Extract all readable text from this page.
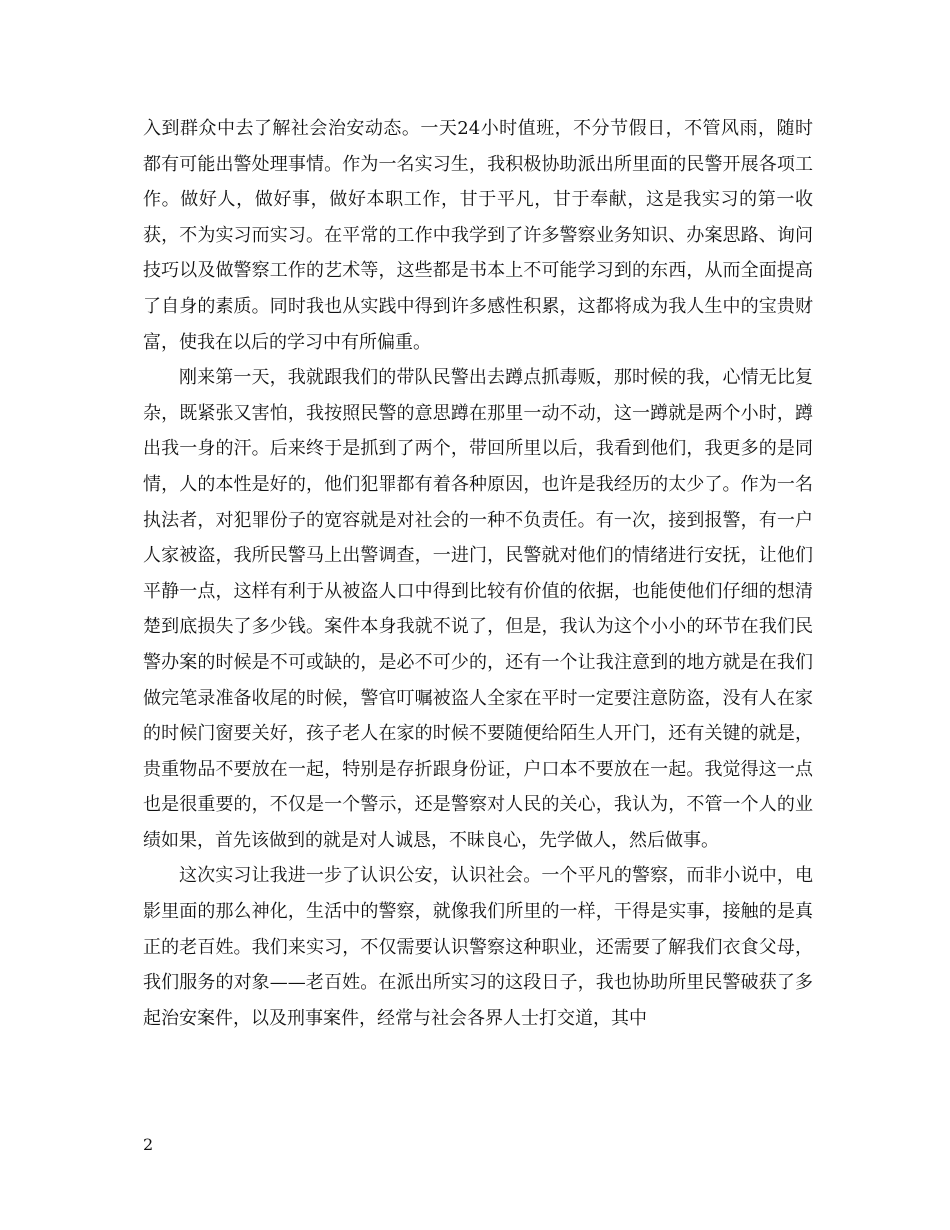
入到群众中去了解社会治安动态。一天24小时值班，不分节假日，不管风雨，随时都有可能出警处理事情。作为一名实习生，我积极协助派出所里面的民警开展各项工作。做好人，做好事，做好本职工作，甘于平凡，甘于奉献，这是我实习的第一收获，不为实习而实习。在平常的工作中我学到了许多警察业务知识、办案思路、询问技巧以及做警察工作的艺术等，这些都是书本上不可能学习到的东西，从而全面提高了自身的素质。同时我也从实践中得到许多感性积累，这都将成为我人生中的宝贵财富，使我在以后的学习中有所偏重。

刚来第一天，我就跟我们的带队民警出去蹲点抓毒贩，那时候的我，心情无比复杂，既紧张又害怕，我按照民警的意思蹲在那里一动不动，这一蹲就是两个小时，蹲出我一身的汗。后来终于是抓到了两个，带回所里以后，我看到他们，我更多的是同情，人的本性是好的，他们犯罪都有着各种原因，也许是我经历的太少了。作为一名执法者，对犯罪份子的宽容就是对社会的一种不负责任。有一次，接到报警，有一户人家被盗，我所民警马上出警调查，一进门，民警就对他们的情绪进行安抚，让他们平静一点，这样有利于从被盗人口中得到比较有价值的依据，也能使他们仔细的想清楚到底损失了多少钱。案件本身我就不说了，但是，我认为这个小小的环节在我们民警办案的时候是不可或缺的，是必不可少的，还有一个让我注意到的地方就是在我们做完笔录准备收尾的时候，警官叮嘱被盗人全家在平时一定要注意防盗，没有人在家的时候门窗要关好，孩子老人在家的时候不要随便给陌生人开门，还有关键的就是，贵重物品不要放在一起，特别是存折跟身份证，户口本不要放在一起。我觉得这一点也是很重要的，不仅是一个警示，还是警察对人民的关心，我认为，不管一个人的业绩如果，首先该做到的就是对人诚恳，不昧良心，先学做人，然后做事。

这次实习让我进一步了认识公安，认识社会。一个平凡的警察，而非小说中，电影里面的那么神化，生活中的警察，就像我们所里的一样，干得是实事，接触的是真正的老百姓。我们来实习，不仅需要认识警察这种职业，还需要了解我们衣食父母，我们服务的对象——老百姓。在派出所实习的这段日子，我也协助所里民警破获了多起治安案件，以及刑事案件，经常与社会各界人士打交道，其中

2
